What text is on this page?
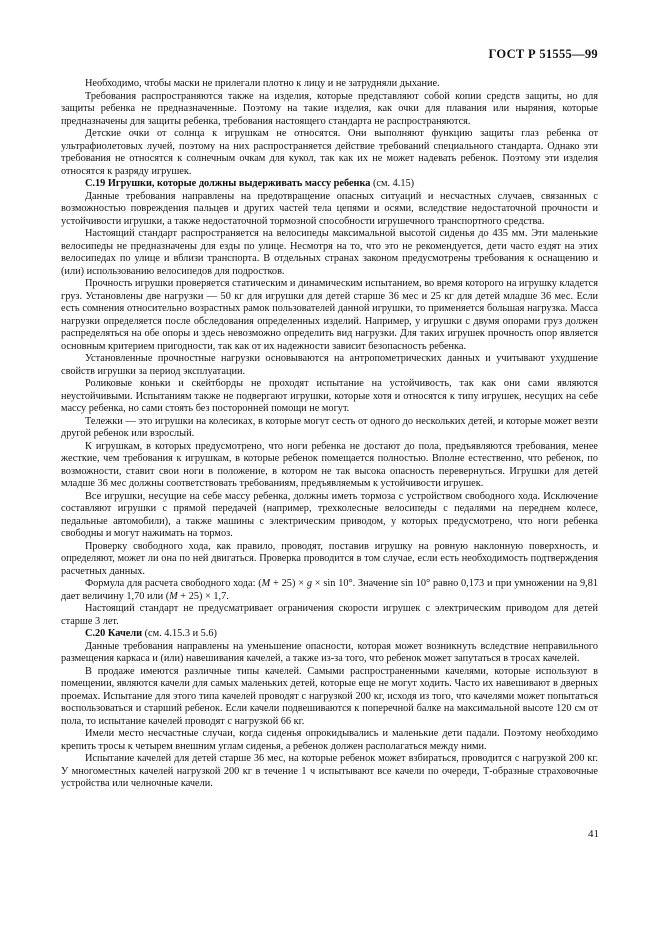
ГОСТ Р 51555—99

Необходимо, чтобы маски не прилегали плотно к лицу и не затрудняли дыхание.

Требования распространяются также на изделия, которые представляют собой копии средств защиты, но для защиты ребенка не предназначенные. Поэтому на такие изделия, как очки для плавания или ныряния, которые предназначены для защиты ребенка, требования настоящего стандарта не распространяются.

Детские очки от солнца к игрушкам не относятся. Они выполняют функцию защиты глаз ребенка от ультрафиолетовых лучей, поэтому на них распространяется действие требований специального стандарта. Однако эти требования не относятся к солнечным очкам для кукол, так как их не может надевать ребенок. Поэтому эти изделия относятся к разряду игрушек.

С.19 Игрушки, которые должны выдерживать массу ребенка (см. 4.15)

Данные требования направлены на предотвращение опасных ситуаций и несчастных случаев, связанных с возможностью повреждения пальцев и других частей тела цепями и осями, вследствие недостаточной прочности и устойчивости игрушки, а также недостаточной тормозной способности игрушечного транспортного средства.

Настоящий стандарт распространяется на велосипеды максимальной высотой сиденья до 435 мм. Эти маленькие велосипеды не предназначены для езды по улице. Несмотря на то, что это не рекомендуется, дети часто ездят на этих велосипедах по улице и вблизи транспорта. В отдельных странах законом предусмотрены требования к оснащению и (или) использованию велосипедов для подростков.

Прочность игрушки проверяется статическим и динамическим испытанием, во время которого на игрушку кладется груз. Установлены две нагрузки — 50 кг для игрушки для детей старше 36 мес и 25 кг для детей младше 36 мес. Если есть сомнения относительно возрастных рамок пользователей данной игрушки, то применяется большая нагрузка. Масса нагрузки определяется после обследования определенных изделий. Например, у игрушки с двумя опорами груз должен распределяться на обе опоры и здесь невозможно определить вид нагрузки. Для таких игрушек прочность опор является основным критерием пригодности, так как от их надежности зависит безопасность ребенка.

Установленные прочностные нагрузки основываются на антропометрических данных и учитывают ухудшение свойств игрушки за период эксплуатации.

Роликовые коньки и скейтборды не проходят испытание на устойчивость, так как они сами являются неустойчивыми. Испытаниям также не подвергают игрушки, которые хотя и относятся к типу игрушек, несущих на себе массу ребенка, но сами стоять без посторонней помощи не могут.

Тележки — это игрушки на колесиках, в которые могут сесть от одного до нескольких детей, и которые может везти другой ребенок или взрослый.

К игрушкам, в которых предусмотрено, что ноги ребенка не достают до пола, предъявляются требования, менее жесткие, чем требования к игрушкам, в которые ребенок помещается полностью. Вполне естественно, что ребенок, по возможности, ставит свои ноги в положение, в котором не так высока опасность перевернуться. Игрушки для детей младше 36 мес должны соответствовать требованиям, предъявляемым к устойчивости игрушек.

Все игрушки, несущие на себе массу ребенка, должны иметь тормоза с устройством свободного хода. Исключение составляют игрушки с прямой передачей (например, трехколесные велосипеды с педалями на переднем колесе, педальные автомобили), а также машины с электрическим приводом, у которых предусмотрено, что ноги ребенка свободны и могут нажимать на тормоз.

Проверку свободного хода, как правило, проводят, поставив игрушку на ровную наклонную поверхность, и определяют, может ли она по ней двигаться. Проверка проводится в том случае, если есть необходимость подтверждения расчетных данных.

Формула для расчета свободного хода: (M + 25) × g × sin 10°. Значение sin 10° равно 0,173 и при умножении на 9,81 дает величину 1,70 или (M + 25) × 1,7.

Настоящий стандарт не предусматривает ограничения скорости игрушек с электрическим приводом для детей старше 3 лет.

С.20 Качели (см. 4.15.3 и 5.6)

Данные требования направлены на уменьшение опасности, которая может возникнуть вследствие неправильного размещения каркаса и (или) навешивания качелей, а также из-за того, что ребенок может запутаться в тросах качелей.

В продаже имеются различные типы качелей. Самыми распространенными качелями, которые используют в помещении, являются качели для самых маленьких детей, которые еще не могут ходить. Часто их навешивают в дверных проемах. Испытание для этого типа качелей проводят с нагрузкой 200 кг, исходя из того, что качелями может попытаться воспользоваться и старший ребенок. Если качели подвешиваются к поперечной балке на максимальной высоте 120 см от пола, то испытание качелей проводят с нагрузкой 66 кг.

Имели место несчастные случаи, когда сиденья опрокидывались и маленькие дети падали. Поэтому необходимо крепить тросы к четырем внешним углам сиденья, а ребенок должен располагаться между ними.

Испытание качелей для детей старше 36 мес, на которые ребенок может взбираться, проводится с нагрузкой 200 кг. У многоместных качелей нагрузкой 200 кг в течение 1 ч испытывают все качели по очереди, Т-образные страховочные устройства или челночные качели.

41
